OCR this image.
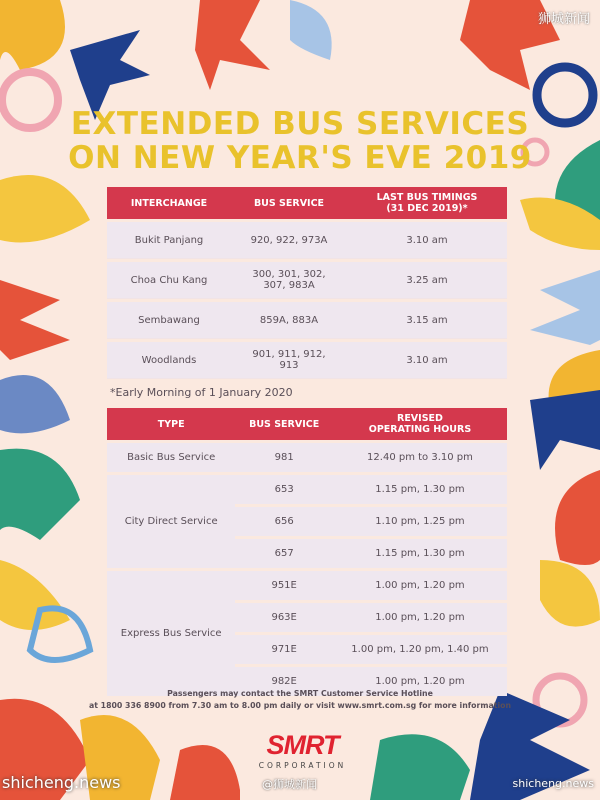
EXTENDED BUS SERVICES
ON NEW YEAR'S EVE 2019
INTERCHANGE	BUS SERVICE	LAST BUS TIMINGS
(31 DEC 2019)*
Bukit Panjang	920, 922, 973A	3.10 am
Choa Chu Kang	300, 301, 302,
307, 983A	3.25 am
Sembawang	859A, 883A	3.15 am
Woodlands	901, 911, 912,
913	3.10 am
*Early Morning of 1 January 2020
TYPE	BUS SERVICE	REVISED
OPERATING HOURS
Basic Bus Service	981	12.40 pm to 3.10 pm
City Direct Service	653	1.15 pm, 1.30 pm
	656	1.10 pm, 1.25 pm
	657	1.15 pm, 1.30 pm
Express Bus Service	951E	1.00 pm, 1.20 pm
	963E	1.00 pm, 1.20 pm
	971E	1.00 pm, 1.20 pm, 1.40 pm
	982E	1.00 pm, 1.20 pm
Passengers may contact the SMRT Customer Service Hotline
at 1800 336 8900 from 7.30 am to 8.00 pm daily or visit www.smrt.com.sg for more information
SMRT
CORPORATION
狮城新闻
shicheng.news	@狮城新闻	shicheng.news
